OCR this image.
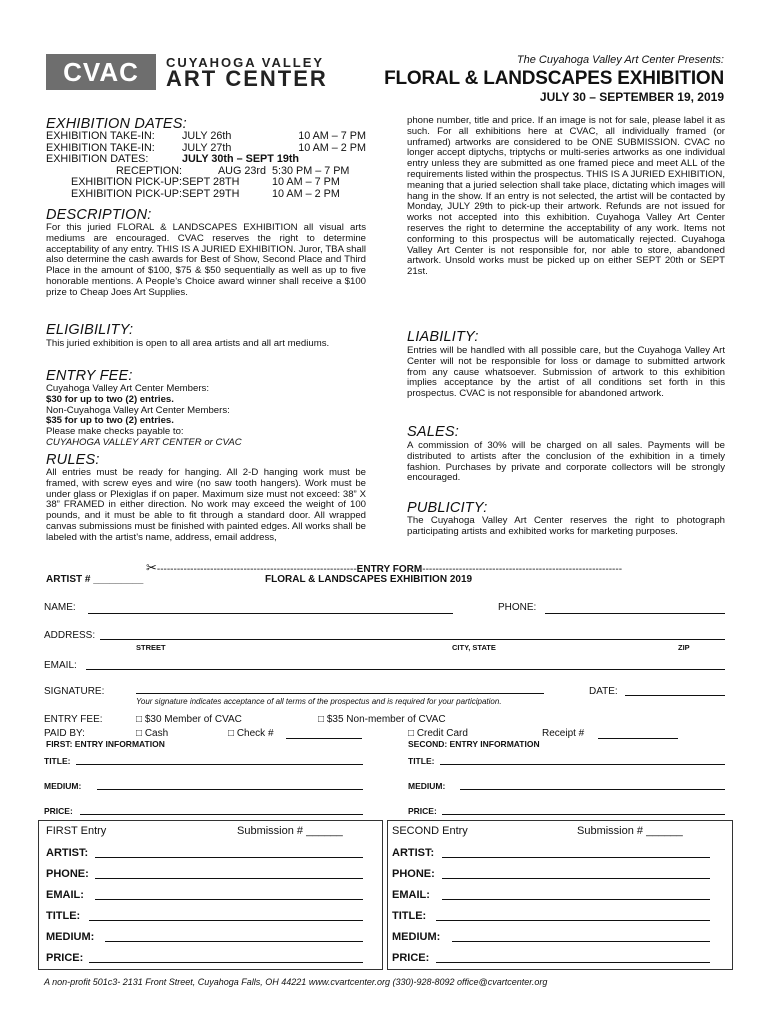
CVAC	CUYAHOGA VALLEY
ART CENTER
The Cuyahoga Valley Art Center Presents:
FLORAL & LANDSCAPES EXHIBITION
JULY 30 – SEPTEMBER 19, 2019
EXHIBITION DATES:
EXHIBITION TAKE-IN:	JULY 26th	10 AM – 7 PM
EXHIBITION TAKE-IN:	JULY 27th	10 AM – 2 PM
EXHIBITION DATES:	JULY 30th – SEPT 19th
RECEPTION:	AUG 23rd 5:30 PM – 7 PM
EXHIBITION PICK-UP: SEPT 28TH	10 AM – 7 PM
EXHIBITION PICK-UP: SEPT 29TH	10 AM – 2 PM
DESCRIPTION:
For this juried FLORAL & LANDSCAPES EXHIBITION all visual arts mediums are encouraged. CVAC reserves the right to determine acceptability of any entry. THIS IS A JURIED EXHIBITION. Juror, TBA shall also determine the cash awards for Best of Show, Second Place and Third Place in the amount of $100, $75 & $50 sequentially as well as up to five honorable mentions. A People’s Choice award winner shall receive a $100 prize to Cheap Joes Art Supplies.
ELIGIBILITY:
This juried exhibition is open to all area artists and all art mediums.
ENTRY FEE:
Cuyahoga Valley Art Center Members:
$30 for up to two (2) entries.
Non-Cuyahoga Valley Art Center Members:
$35 for up to two (2) entries.
Please make checks payable to:
CUYAHOGA VALLEY ART CENTER or CVAC
RULES:
All entries must be ready for hanging. All 2-D hanging work must be framed, with screw eyes and wire (no saw tooth hangers). Work must be under glass or Plexiglas if on paper. Maximum size must not exceed: 38” X 38” FRAMED in either direction. No work may exceed the weight of 100 pounds, and it must be able to fit through a standard door. All wrapped canvas submissions must be finished with painted edges. All works shall be labeled with the artist’s name, address, email address,
phone number, title and price. If an image is not for sale, please label it as such. For all exhibitions here at CVAC, all individually framed (or unframed) artworks are considered to be ONE SUBMISSION. CVAC no longer accept diptychs, triptychs or multi-series artworks as one individual entry unless they are submitted as one framed piece and meet ALL of the requirements listed within the prospectus. THIS IS A JURIED EXHIBITION, meaning that a juried selection shall take place, dictating which images will hang in the show. If an entry is not selected, the artist will be contacted by Monday, JULY 29th to pick-up their artwork. Refunds are not issued for works not accepted into this exhibition. Cuyahoga Valley Art Center reserves the right to determine the acceptability of any work. Items not conforming to this prospectus will be automatically rejected. Cuyahoga Valley Art Center is not responsible for, nor able to store, abandoned artwork. Unsold works must be picked up on either SEPT 20th or SEPT 21st.
LIABILITY:
Entries will be handled with all possible care, but the Cuyahoga Valley Art Center will not be responsible for loss or damage to submitted artwork from any cause whatsoever. Submission of artwork to this exhibition implies acceptance by the artist of all conditions set forth in this prospectus. CVAC is not responsible for abandoned artwork.
SALES:
A commission of 30% will be charged on all sales. Payments will be distributed to artists after the conclusion of the exhibition in a timely fashion. Purchases by private and corporate collectors will be strongly encouraged.
PUBLICITY:
The Cuyahoga Valley Art Center reserves the right to photograph participating artists and exhibited works for marketing purposes.
✂------------------------------------------------------------ENTRY FORM------------------------------------------------------------
ARTIST # _________	FLORAL & LANDSCAPES EXHIBITION 2019
NAME:	PHONE:
ADDRESS:
STREET	CITY, STATE	ZIP
EMAIL:
SIGNATURE:
Your signature indicates acceptance of all terms of the prospectus and is required for your participation.
DATE:
ENTRY FEE:	□ $30 Member of CVAC	□ $35 Non-member of CVAC
PAID BY:	□ Cash	□ Check #	□ Credit Card	Receipt #
FIRST: ENTRY INFORMATION	SECOND: ENTRY INFORMATION
TITLE:	TITLE:
MEDIUM:	MEDIUM:
PRICE:	PRICE:
FIRST Entry	Submission # ______
ARTIST:
PHONE:
EMAIL:
TITLE:
MEDIUM:
PRICE:
SECOND Entry	Submission # ______
ARTIST:
PHONE:
EMAIL:
TITLE:
MEDIUM:
PRICE:
A non-profit 501c3- 2131 Front Street, Cuyahoga Falls, OH 44221 www.cvartcenter.org (330)-928-8092 office@cvartcenter.org
